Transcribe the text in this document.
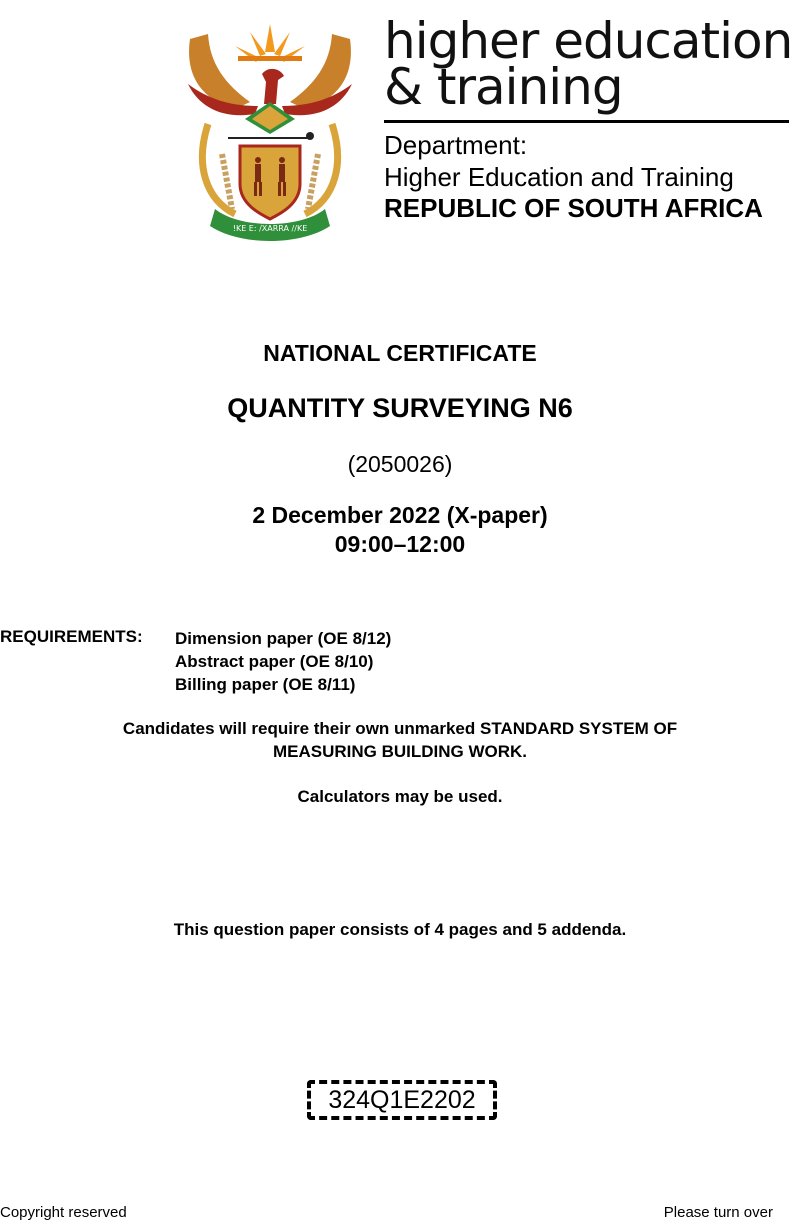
!KE E: /XARRA //KE
higher education
& training
Department:
Higher Education and Training
REPUBLIC OF SOUTH AFRICA
NATIONAL CERTIFICATE
QUANTITY SURVEYING N6
(2050026)
2 December 2022 (X-paper)
09:00–12:00
REQUIREMENTS: Dimension paper (OE 8/12)
Abstract paper (OE 8/10)
Billing paper (OE 8/11)
Candidates will require their own unmarked STANDARD SYSTEM OF
MEASURING BUILDING WORK.
Calculators may be used.
This question paper consists of 4 pages and 5 addenda.
324Q1E2202
Copyright reserved	Please turn over
